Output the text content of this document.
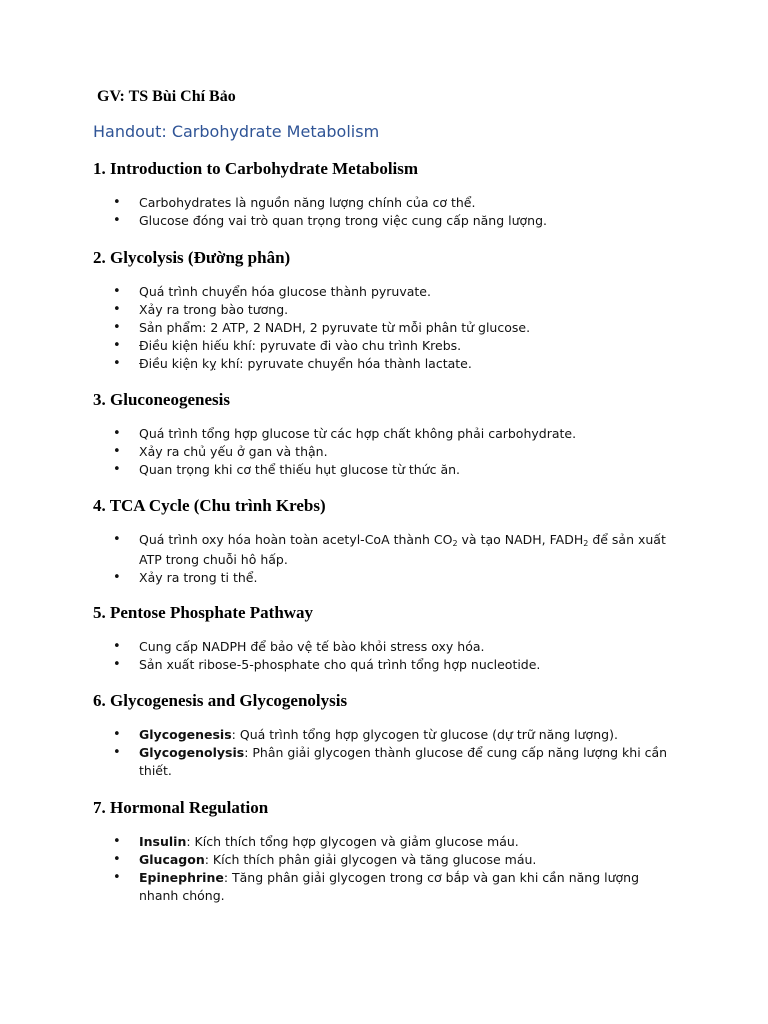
GV: TS Bùi Chí Bảo
Handout: Carbohydrate Metabolism
1. Introduction to Carbohydrate Metabolism
• Carbohydrates là nguồn năng lượng chính của cơ thể.
• Glucose đóng vai trò quan trọng trong việc cung cấp năng lượng.
2. Glycolysis (Đường phân)
• Quá trình chuyển hóa glucose thành pyruvate.
• Xảy ra trong bào tương.
• Sản phẩm: 2 ATP, 2 NADH, 2 pyruvate từ mỗi phân tử glucose.
• Điều kiện hiếu khí: pyruvate đi vào chu trình Krebs.
• Điều kiện kỵ khí: pyruvate chuyển hóa thành lactate.
3. Gluconeogenesis
• Quá trình tổng hợp glucose từ các hợp chất không phải carbohydrate.
• Xảy ra chủ yếu ở gan và thận.
• Quan trọng khi cơ thể thiếu hụt glucose từ thức ăn.
4. TCA Cycle (Chu trình Krebs)
• Quá trình oxy hóa hoàn toàn acetyl-CoA thành $CO_2$ và tạo NADH, $FADH_2$ để sản xuất ATP trong chuỗi hô hấp.
• Xảy ra trong ti thể.
5. Pentose Phosphate Pathway
• Cung cấp NADPH để bảo vệ tế bào khỏi stress oxy hóa.
• Sản xuất ribose-5-phosphate cho quá trình tổng hợp nucleotide.
6. Glycogenesis and Glycogenolysis
• Glycogenesis: Quá trình tổng hợp glycogen từ glucose (dự trữ năng lượng).
• Glycogenolysis: Phân giải glycogen thành glucose để cung cấp năng lượng khi cần thiết.
7. Hormonal Regulation
• Insulin: Kích thích tổng hợp glycogen và giảm glucose máu.
• Glucagon: Kích thích phân giải glycogen và tăng glucose máu.
• Epinephrine: Tăng phân giải glycogen trong cơ bắp và gan khi cần năng lượng nhanh chóng.
